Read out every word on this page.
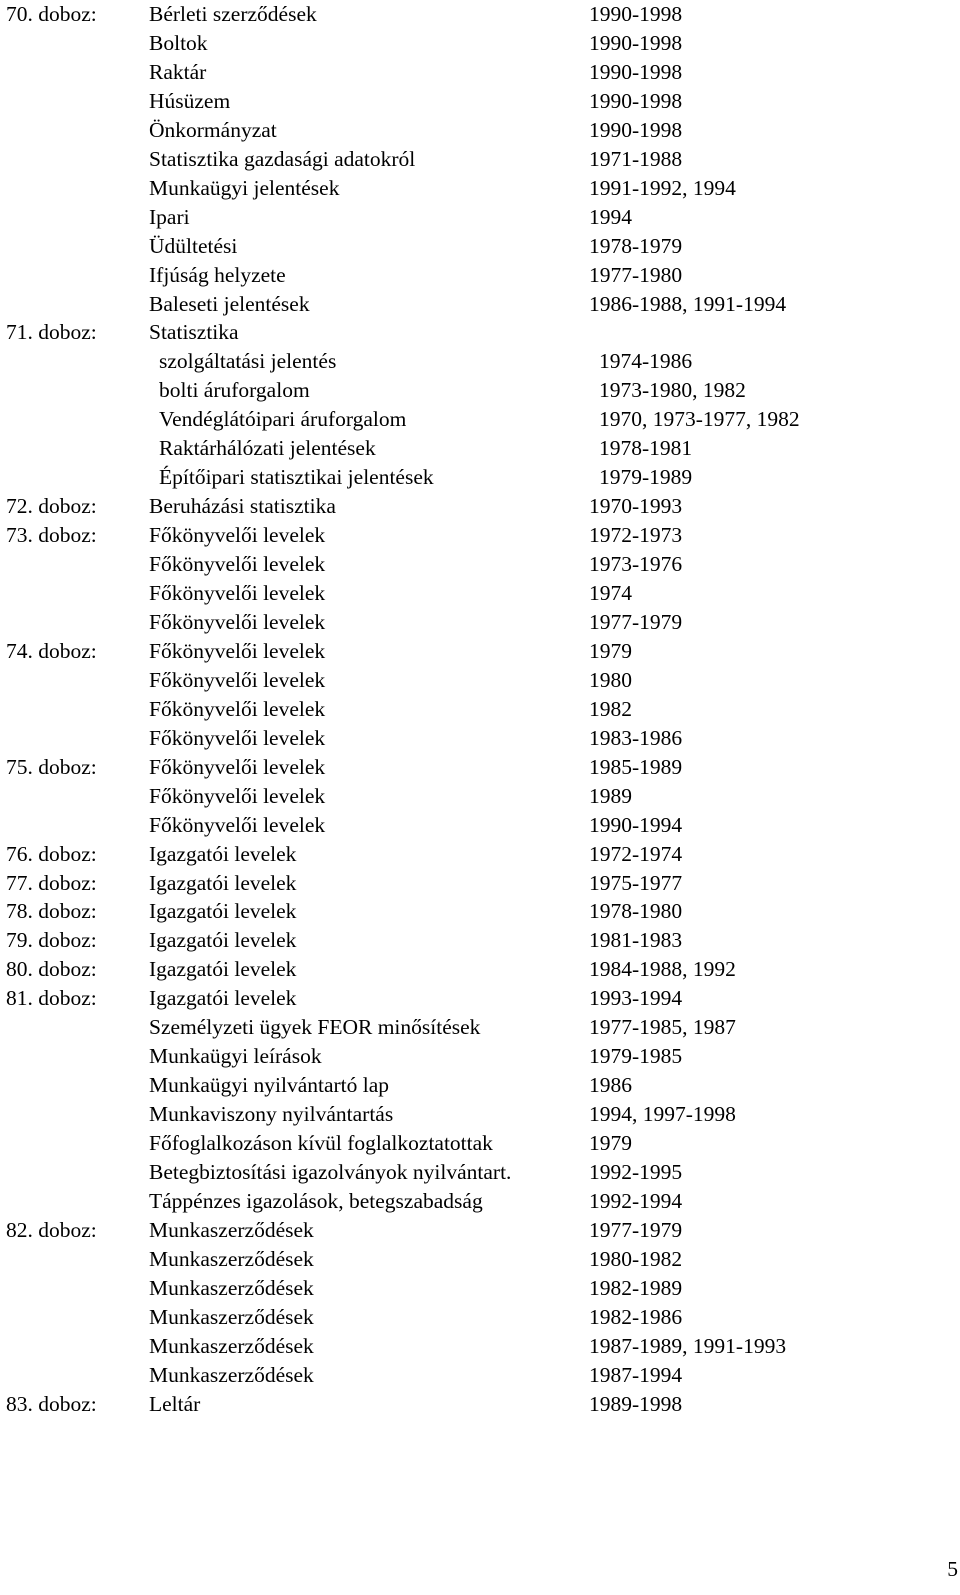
70. doboz: Bérleti szerződések	1990-1998
Boltok	1990-1998
Raktár	1990-1998
Húsüzem	1990-1998
Önkormányzat	1990-1998
Statisztika gazdasági adatokról	1971-1988
Munkaügyi jelentések	1991-1992, 1994
Ipari	1994
Üdültetési	1978-1979
Ifjúság helyzete	1977-1980
Baleseti jelentések	1986-1988, 1991-1994
71. doboz: Statisztika
szolgáltatási jelentés	1974-1986
bolti áruforgalom	1973-1980, 1982
Vendéglátóipari áruforgalom	1970, 1973-1977, 1982
Raktárhálózati jelentések	1978-1981
Építőipari statisztikai jelentések	1979-1989
72. doboz: Beruházási statisztika	1970-1993
73. doboz: Főkönyvelői levelek	1972-1973
Főkönyvelői levelek	1973-1976
Főkönyvelői levelek	1974
Főkönyvelői levelek	1977-1979
74. doboz: Főkönyvelői levelek	1979
Főkönyvelői levelek	1980
Főkönyvelői levelek	1982
Főkönyvelői levelek	1983-1986
75. doboz: Főkönyvelői levelek	1985-1989
Főkönyvelői levelek	1989
Főkönyvelői levelek	1990-1994
76. doboz: Igazgatói levelek	1972-1974
77. doboz: Igazgatói levelek	1975-1977
78. doboz: Igazgatói levelek	1978-1980
79. doboz: Igazgatói levelek	1981-1983
80. doboz: Igazgatói levelek	1984-1988, 1992
81. doboz: Igazgatói levelek	1993-1994
Személyzeti ügyek FEOR minősítések	1977-1985, 1987
Munkaügyi leírások	1979-1985
Munkaügyi nyilvántartó lap	1986
Munkaviszony nyilvántartás	1994, 1997-1998
Főfoglalkozáson kívül foglalkoztatottak	1979
Betegbiztosítási igazolványok nyilvántart.	1992-1995
Táppénzes igazolások, betegszabadság	1992-1994
82. doboz: Munkaszerződések	1977-1979
Munkaszerződések	1980-1982
Munkaszerződések	1982-1989
Munkaszerződések	1982-1986
Munkaszerződések	1987-1989, 1991-1993
Munkaszerződések	1987-1994
83. doboz: Leltár	1989-1998
5
